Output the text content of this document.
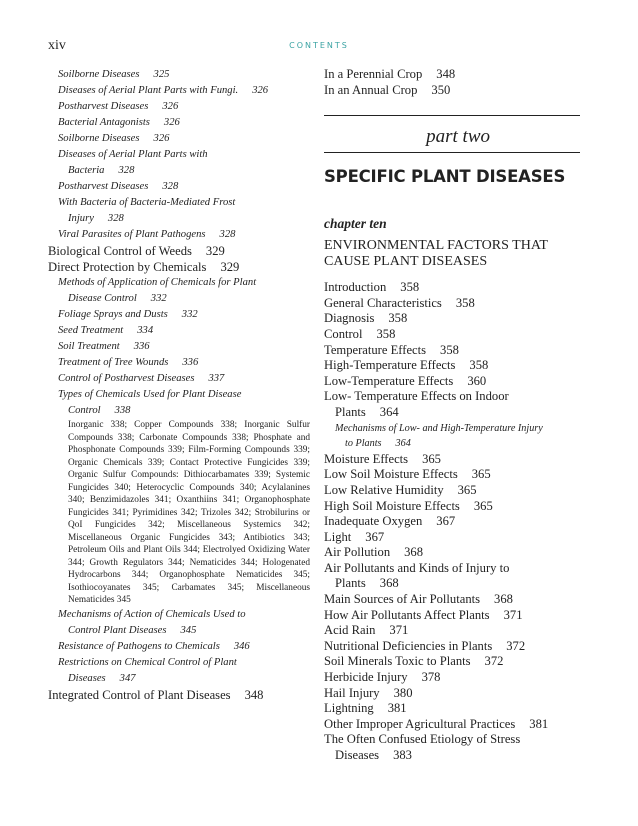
xiv	CONTENTS
Soilborne Diseases 325
Diseases of Aerial Plant Parts with Fungi. 326
Postharvest Diseases 326
Bacterial Antagonists 326
Soilborne Diseases 326
Diseases of Aerial Plant Parts with
Bacteria 328
Postharvest Diseases 328
With Bacteria of Bacteria-Mediated Frost
Injury 328
Viral Parasites of Plant Pathogens 328
Biological Control of Weeds 329
Direct Protection by Chemicals 329
Methods of Application of Chemicals for Plant
Disease Control 332
Foliage Sprays and Dusts 332
Seed Treatment 334
Soil Treatment 336
Treatment of Tree Wounds 336
Control of Postharvest Diseases 337
Types of Chemicals Used for Plant Disease
Control 338
Inorganic 338; Copper Compounds 338; Inorganic Sulfur Compounds 338; Carbonate Compounds 338; Phosphate and Phosphonate Compounds 339; Film-Forming Compounds 339; Organic Chemicals 339; Contact Protective Fungicides 339; Organic Sulfur Compounds: Dithiocarbamates 339; Systemic Fungicides 340; Heterocyclic Compounds 340; Acylalanines 340; Benzimidazoles 341; Oxanthiins 341; Organophosphate Fungicides 341; Pyrimidines 342; Trizoles 342; Strobilurins or QoI Fungicides 342; Miscellaneous Systemics 342; Miscellaneous Organic Fungicides 343; Antibiotics 343; Petroleum Oils and Plant Oils 344; Electrolyed Oxidizing Water 344; Growth Regulators 344; Nematicides 344; Hologenated Hydrocarbons 344; Organophosphate Nematicides 345; Isothiocoyanates 345; Carbamates 345; Miscellaneous Nematicides 345
Mechanisms of Action of Chemicals Used to
Control Plant Diseases 345
Resistance of Pathogens to Chemicals 346
Restrictions on Chemical Control of Plant
Diseases 347
Integrated Control of Plant Diseases 348
In a Perennial Crop 348
In an Annual Crop 350
part two
SPECIFIC PLANT DISEASES
chapter ten
ENVIRONMENTAL FACTORS THAT
CAUSE PLANT DISEASES
Introduction 358
General Characteristics 358
Diagnosis 358
Control 358
Temperature Effects 358
High-Temperature Effects 358
Low-Temperature Effects 360
Low- Temperature Effects on Indoor
Plants 364
Mechanisms of Low- and High-Temperature Injury
to Plants 364
Moisture Effects 365
Low Soil Moisture Effects 365
Low Relative Humidity 365
High Soil Moisture Effects 365
Inadequate Oxygen 367
Light 367
Air Pollution 368
Air Pollutants and Kinds of Injury to
Plants 368
Main Sources of Air Pollutants 368
How Air Pollutants Affect Plants 371
Acid Rain 371
Nutritional Deficiencies in Plants 372
Soil Minerals Toxic to Plants 372
Herbicide Injury 378
Hail Injury 380
Lightning 381
Other Improper Agricultural Practices 381
The Often Confused Etiology of Stress
Diseases 383
